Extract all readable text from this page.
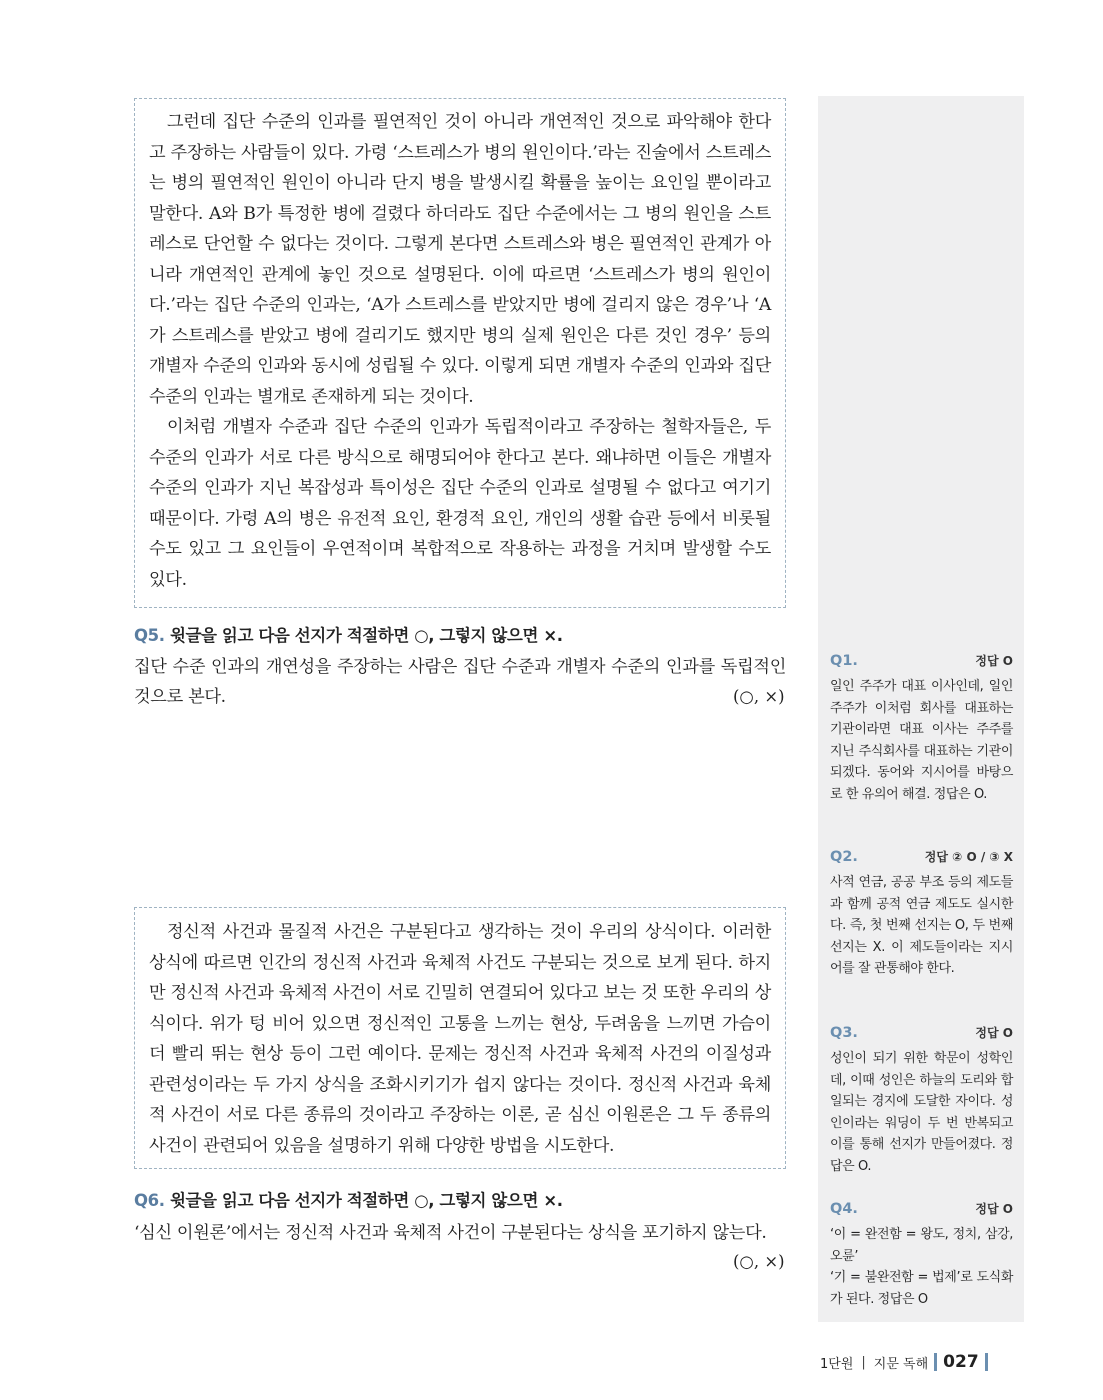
그런데 집단 수준의 인과를 필연적인 것이 아니라 개연적인 것으로 파악해야 한다고 주장하는 사람들이 있다. 가령 ‘스트레스가 병의 원인이다.’라는 진술에서 스트레스는 병의 필연적인 원인이 아니라 단지 병을 발생시킬 확률을 높이는 요인일 뿐이라고 말한다. A와 B가 특정한 병에 걸렸다 하더라도 집단 수준에서는 그 병의 원인을 스트레스로 단언할 수 없다는 것이다. 그렇게 본다면 스트레스와 병은 필연적인 관계가 아니라 개연적인 관계에 놓인 것으로 설명된다. 이에 따르면 ‘스트레스가 병의 원인이다.’라는 집단 수준의 인과는, ‘A가 스트레스를 받았지만 병에 걸리지 않은 경우’나 ‘A가 스트레스를 받았고 병에 걸리기도 했지만 병의 실제 원인은 다른 것인 경우’ 등의 개별자 수준의 인과와 동시에 성립될 수 있다. 이렇게 되면 개별자 수준의 인과와 집단 수준의 인과는 별개로 존재하게 되는 것이다.

이처럼 개별자 수준과 집단 수준의 인과가 독립적이라고 주장하는 철학자들은, 두 수준의 인과가 서로 다른 방식으로 해명되어야 한다고 본다. 왜냐하면 이들은 개별자 수준의 인과가 지닌 복잡성과 특이성은 집단 수준의 인과로 설명될 수 없다고 여기기 때문이다. 가령 A의 병은 유전적 요인, 환경적 요인, 개인의 생활 습관 등에서 비롯될 수도 있고 그 요인들이 우연적이며 복합적으로 작용하는 과정을 거치며 발생할 수도 있다.

Q5. 윗글을 읽고 다음 선지가 적절하면 ○, 그렇지 않으면 ×.
집단 수준 인과의 개연성을 주장하는 사람은 집단 수준과 개별자 수준의 인과를 독립적인 것으로 본다.	(○, ×)

정신적 사건과 물질적 사건은 구분된다고 생각하는 것이 우리의 상식이다. 이러한 상식에 따르면 인간의 정신적 사건과 육체적 사건도 구분되는 것으로 보게 된다. 하지만 정신적 사건과 육체적 사건이 서로 긴밀히 연결되어 있다고 보는 것 또한 우리의 상식이다. 위가 텅 비어 있으면 정신적인 고통을 느끼는 현상, 두려움을 느끼면 가슴이 더 빨리 뛰는 현상 등이 그런 예이다. 문제는 정신적 사건과 육체적 사건의 이질성과 관련성이라는 두 가지 상식을 조화시키기가 쉽지 않다는 것이다. 정신적 사건과 육체적 사건이 서로 다른 종류의 것이라고 주장하는 이론, 곧 심신 이원론은 그 두 종류의 사건이 관련되어 있음을 설명하기 위해 다양한 방법을 시도한다.

Q6. 윗글을 읽고 다음 선지가 적절하면 ○, 그렇지 않으면 ×.
‘심신 이원론’에서는 정신적 사건과 육체적 사건이 구분된다는 상식을 포기하지 않는다.
(○, ×)
Q1.	정답 O
일인 주주가 대표 이사인데, 일인 주주가 이처럼 회사를 대표하는 기관이라면 대표 이사는 주주를 지닌 주식회사를 대표하는 기관이 되겠다. 동어와 지시어를 바탕으로 한 유의어 해결. 정답은 O.
Q2.	정답 ② O / ③ X
사적 연금, 공공 부조 등의 제도들과 함께 공적 연금 제도도 실시한다. 즉, 첫 번째 선지는 O, 두 번째 선지는 X. 이 제도들이라는 지시어를 잘 관통해야 한다.
Q3.	정답 O
성인이 되기 위한 학문이 성학인데, 이때 성인은 하늘의 도리와 합일되는 경지에 도달한 자이다. 성인이라는 워딩이 두 번 반복되고 이를 통해 선지가 만들어졌다. 정답은 O.
Q4.	정답 O
‘이 = 완전함 = 왕도, 정치, 삼강, 오륜’
‘기 = 불완전함 = 법제’로 도식화가 된다. 정답은 O
1단원 | 지문 독해 027
